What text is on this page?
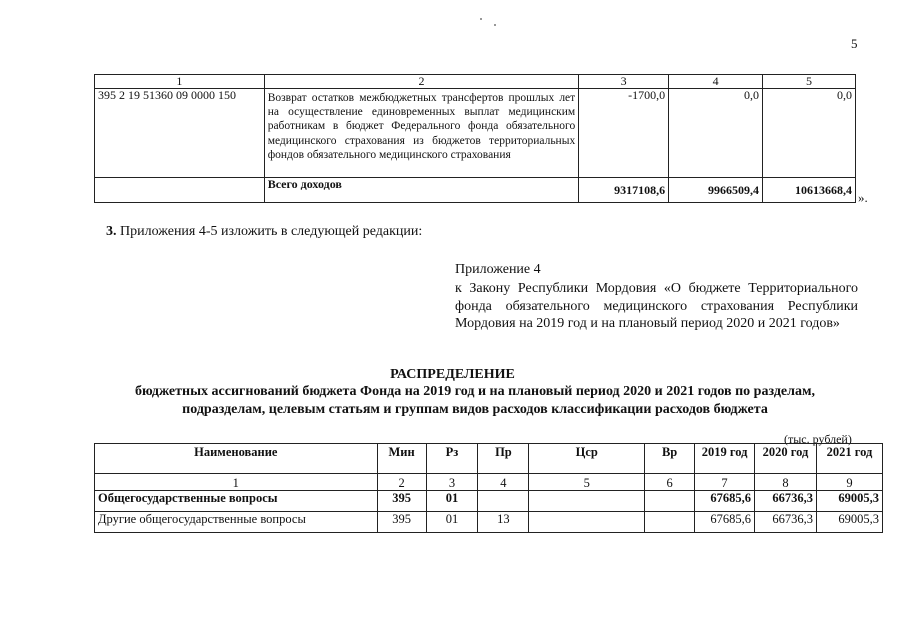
5
1	2	3	4	5
395 2 19 51360 09 0000 150	Возврат остатков межбюджетных трансфертов прошлых лет на осуществление единовременных выплат медицинским работникам в бюджет Федерального фонда обязательного медицинского страхования из бюджетов территориальных фондов обязательного медицинского страхования	-1700,0	0,0	0,0
	Всего доходов	9317108,6	9966509,4	10613668,4
».
3. Приложения 4-5 изложить в следующей редакции:
Приложение 4
к Закону Республики Мордовия «О бюджете Территориального фонда обязательного медицинского страхования Республики Мордовия на 2019 год и на плановый период 2020 и 2021 годов»
РАСПРЕДЕЛЕНИЕ
бюджетных ассигнований бюджета Фонда на 2019 год и на плановый период 2020 и 2021 годов по разделам, подразделам, целевым статьям и группам видов расходов классификации расходов бюджета
(тыс. рублей)
Наименование	Мин	Рз	Пр	Цср	Вр	2019 год	2020 год	2021 год
1	2	3	4	5	6	7	8	9
Общегосударственные вопросы	395	01				67685,6	66736,3	69005,3
Другие общегосударственные вопросы	395	01	13			67685,6	66736,3	69005,3
